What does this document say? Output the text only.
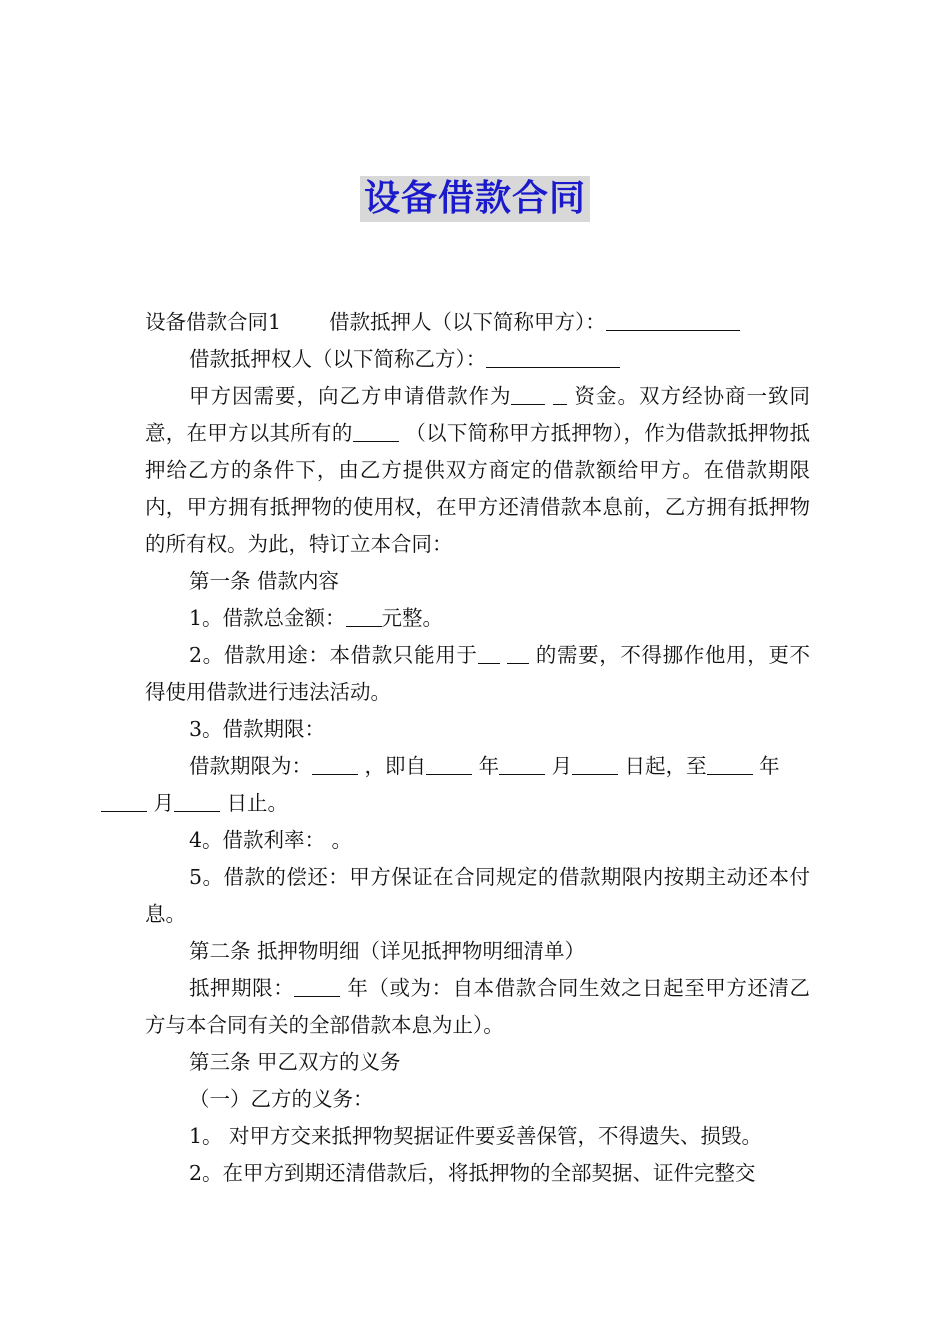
设备借款合同

设备借款合同1 借款抵押人（以下简称甲方）：

借款抵押权人（以下简称乙方）：

甲方因需要，向乙方申请借款作为	资金。双方经协商一致同意，在甲方以其所有的	（以下简称甲方抵押物），作为借款抵押物抵押给乙方的条件下，由乙方提供双方商定的借款额给甲方。在借款期限内，甲方拥有抵押物的使用权，在甲方还清借款本息前，乙方拥有抵押物的所有权。为此，特订立本合同：

第一条 借款内容

1。借款总金额： 元整。

2。借款用途：本借款只能用于	的需要，不得挪作他用，更不得使用借款进行违法活动。

3。借款期限：

借款期限为：	，即自	年	月	日起，至	年
月	日止。

4。借款利率： 。

5。借款的偿还：甲方保证在合同规定的借款期限内按期主动还本付息。

第二条 抵押物明细（详见抵押物明细清单）

抵押期限：	年（或为：自本借款合同生效之日起至甲方还清乙方与本合同有关的全部借款本息为止）。

第三条 甲乙双方的义务

（一）乙方的义务：

1。 对甲方交来抵押物契据证件要妥善保管，不得遗失、损毁。

2。在甲方到期还清借款后，将抵押物的全部契据、证件完整交
